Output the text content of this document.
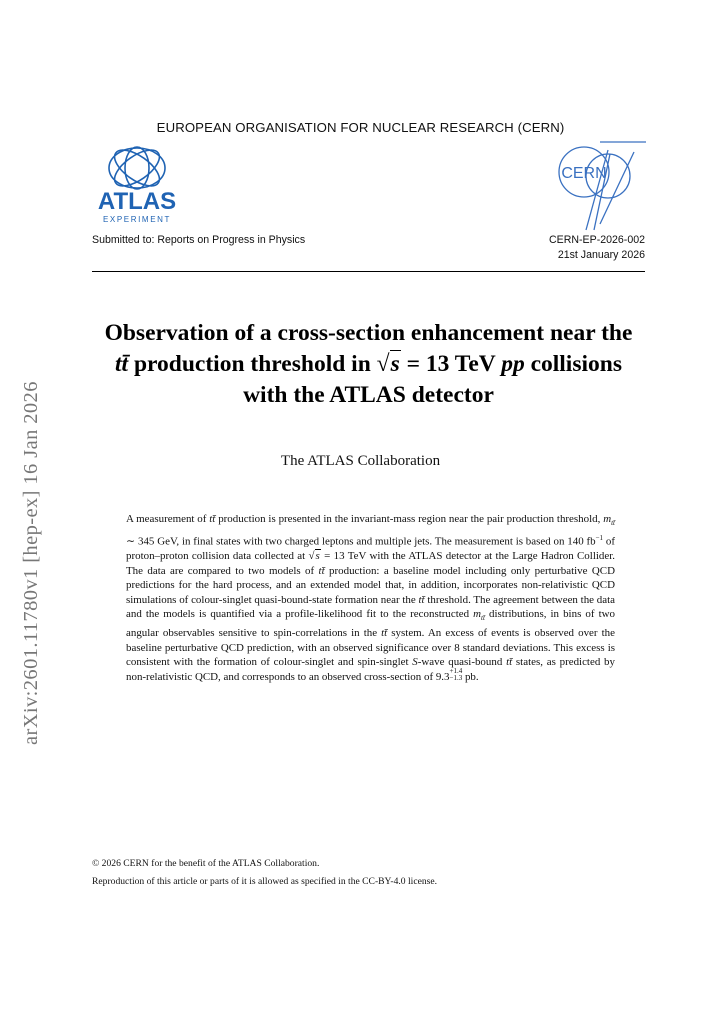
EUROPEAN ORGANISATION FOR NUCLEAR RESEARCH (CERN)
ATLAS
EXPERIMENT
CERN
Submitted to: Reports on Progress in Physics	CERN-EP-2026-002
21st January 2026
arXiv:2601.11780v1 [hep-ex] 16 Jan 2026
Observation of a cross-section enhancement near the
tt̄ production threshold in √s = 13 TeV pp collisions
with the ATLAS detector
The ATLAS Collaboration
A measurement of tt̄ production is presented in the invariant-mass region near the pair production threshold, $m_{tt̄}$ ∼ 345 GeV, in final states with two charged leptons and multiple jets. The measurement is based on 140 $fb^{-1}$ of proton–proton collision data collected at √s = 13 TeV with the ATLAS detector at the Large Hadron Collider. The data are compared to two models of tt̄ production: a baseline model including only perturbative QCD predictions for the hard process, and an extended model that, in addition, incorporates non-relativistic QCD simulations of colour-singlet quasi-bound-state formation near the tt̄ threshold. The agreement between the data and the models is quantified via a profile-likelihood fit to the reconstructed $m_{tt̄}$ distributions, in bins of two angular observables sensitive to spin-correlations in the tt̄ system. An excess of events is observed over the baseline perturbative QCD prediction, with an observed significance over 8 standard deviations. This excess is consistent with the formation of colour-singlet and spin-singlet S-wave quasi-bound tt̄ states, as predicted by non-relativistic QCD, and corresponds to an observed cross-section of 9.3+1.4
−1.3 pb.
© 2026 CERN for the benefit of the ATLAS Collaboration.
Reproduction of this article or parts of it is allowed as specified in the CC-BY-4.0 license.
